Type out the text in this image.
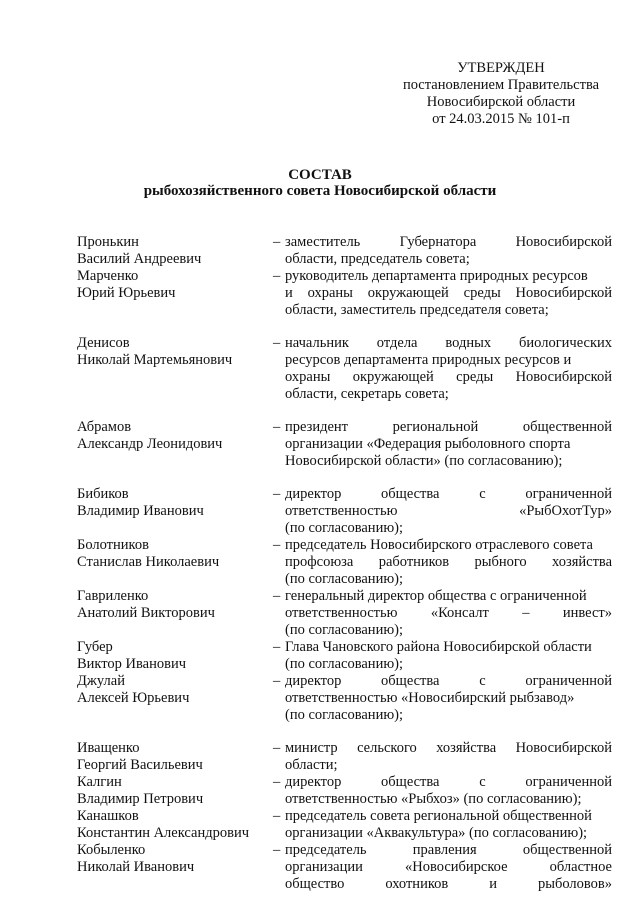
УТВЕРЖДЕН
постановлением Правительства
Новосибирской области
от 24.03.2015 № 101-п
СОСТАВ
рыбохозяйственного совета Новосибирской области
Пронькин
Василий Андреевич
– заместитель	Губернатора	Новосибирской
области, председатель совета;
Марченко
Юрий Юрьевич
– руководитель департамента природных ресурсов
и охраны окружающей среды Новосибирской
области, заместитель председателя совета;
Денисов
Николай Мартемьянович
– начальник отдела водных биологических
ресурсов департамента природных ресурсов и
охраны окружающей среды Новосибирской
области, секретарь совета;
Абрамов
Александр Леонидович
– президент	региональной	общественной
организации «Федерация рыболовного спорта
Новосибирской области» (по согласованию);
Бибиков
Владимир Иванович
– директор	общества	с	ограниченной
ответственностью	«РыбОхотТур»
(по согласованию);
Болотников
Станислав Николаевич
– председатель Новосибирского отраслевого совета
профсоюза работников рыбного хозяйства
(по согласованию);
Гавриленко
Анатолий Викторович
– генеральный директор общества с ограниченной
ответственностью «Консалт – инвест»
(по согласованию);
Губер
Виктор Иванович
– Глава Чановского района Новосибирской области
(по согласованию);
Джулай
Алексей Юрьевич
– директор	общества	с	ограниченной
ответственностью «Новосибирский рыбзавод»
(по согласованию);
Иващенко
Георгий Васильевич
– министр сельского хозяйства Новосибирской
области;
Калгин
Владимир Петрович
– директор	общества	с	ограниченной
ответственностью «Рыбхоз» (по согласованию);
Канашков
Константин Александрович
– председатель совета региональной общественной
организации «Аквакультура» (по согласованию);
Кобыленко
Николай Иванович
– председатель	правления	общественной
организации	«Новосибирское	областное
общество	охотников	и	рыболовов»
